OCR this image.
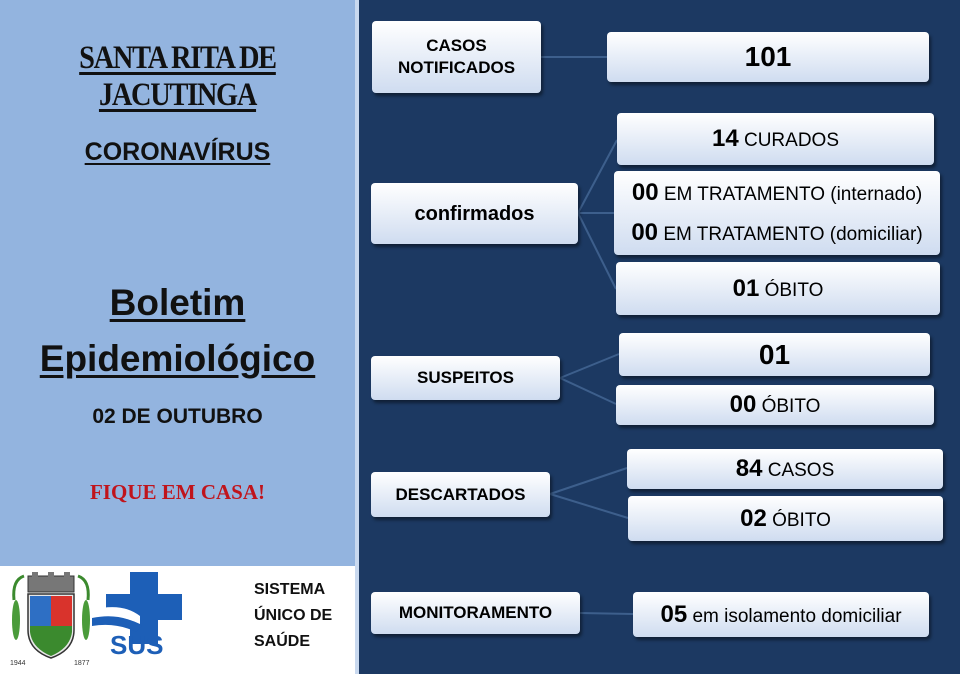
SANTA RITA DE JACUTINGA
CORONAVÍRUS
Boletim
Epidemiológico
02 DE OUTUBRO
FIQUE EM CASA!
1944	1877
SUS
SISTEMA
ÚNICO DE
SAÚDE
CASOS
NOTIFICADOS
confirmados
SUSPEITOS
DESCARTADOS
MONITORAMENTO
101
14 CURADOS
00 EM TRATAMENTO (internado)
00 EM TRATAMENTO (domiciliar)
01 ÓBITO
01
00 ÓBITO
84 CASOS
02 ÓBITO
05 em isolamento domiciliar
